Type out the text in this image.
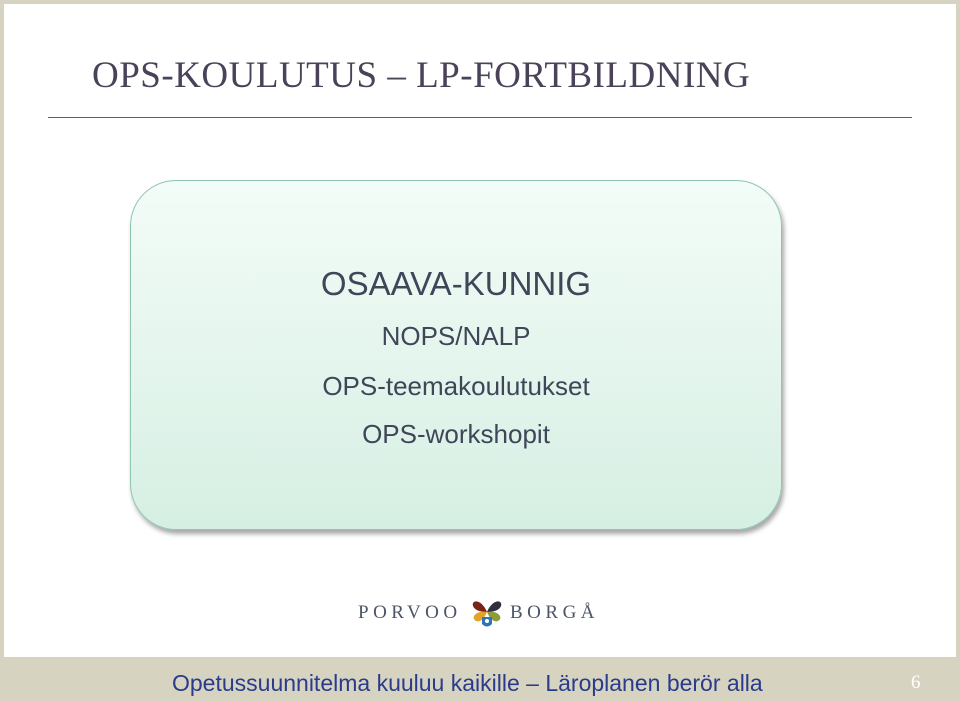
OPS-KOULUTUS – LP-FORTBILDNING
OSAAVA-KUNNIG
NOPS/NALP
OPS-teemakoulutukset
OPS-workshopit
PORVOO	BORGÅ
Opetussuunnitelma kuuluu kaikille – Läroplanen berör alla	6
